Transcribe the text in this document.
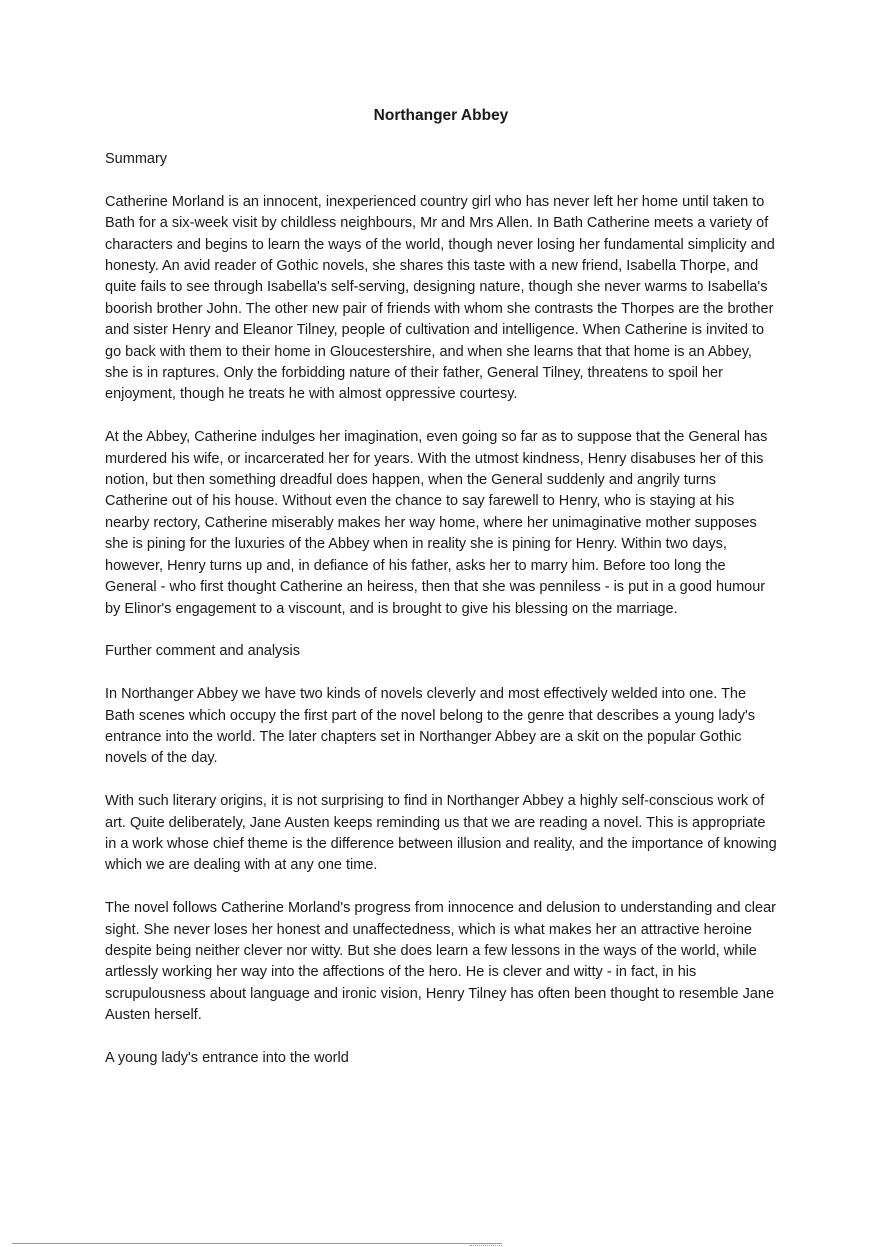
Northanger Abbey
Summary
Catherine Morland is an innocent, inexperienced country girl who has never left her home until taken to Bath for a six-week visit by childless neighbours, Mr and Mrs Allen. In Bath Catherine meets a variety of characters and begins to learn the ways of the world, though never losing her fundamental simplicity and honesty. An avid reader of Gothic novels, she shares this taste with a new friend, Isabella Thorpe, and quite fails to see through Isabella's self-serving, designing nature, though she never warms to Isabella's boorish brother John. The other new pair of friends with whom she contrasts the Thorpes are the brother and sister Henry and Eleanor Tilney, people of cultivation and intelligence. When Catherine is invited to go back with them to their home in Gloucestershire, and when she learns that that home is an Abbey, she is in raptures. Only the forbidding nature of their father, General Tilney, threatens to spoil her enjoyment, though he treats he with almost oppressive courtesy.
At the Abbey, Catherine indulges her imagination, even going so far as to suppose that the General has murdered his wife, or incarcerated her for years. With the utmost kindness, Henry disabuses her of this notion, but then something dreadful does happen, when the General suddenly and angrily turns Catherine out of his house. Without even the chance to say farewell to Henry, who is staying at his nearby rectory, Catherine miserably makes her way home, where her unimaginative mother supposes she is pining for the luxuries of the Abbey when in reality she is pining for Henry. Within two days, however, Henry turns up and, in defiance of his father, asks her to marry him. Before too long the General - who first thought Catherine an heiress, then that she was penniless - is put in a good humour by Elinor's engagement to a viscount, and is brought to give his blessing on the marriage.
Further comment and analysis
In Northanger Abbey we have two kinds of novels cleverly and most effectively welded into one. The Bath scenes which occupy the first part of the novel belong to the genre that describes a young lady's entrance into the world. The later chapters set in Northanger Abbey are a skit on the popular Gothic novels of the day.
With such literary origins, it is not surprising to find in Northanger Abbey a highly self-conscious work of art. Quite deliberately, Jane Austen keeps reminding us that we are reading a novel. This is appropriate in a work whose chief theme is the difference between illusion and reality, and the importance of knowing which we are dealing with at any one time.
The novel follows Catherine Morland's progress from innocence and delusion to understanding and clear sight. She never loses her honest and unaffectedness, which is what makes her an attractive heroine despite being neither clever nor witty. But she does learn a few lessons in the ways of the world, while artlessly working her way into the affections of the hero. He is clever and witty - in fact, in his scrupulousness about language and ironic vision, Henry Tilney has often been thought to resemble Jane Austen herself.
A young lady's entrance into the world
